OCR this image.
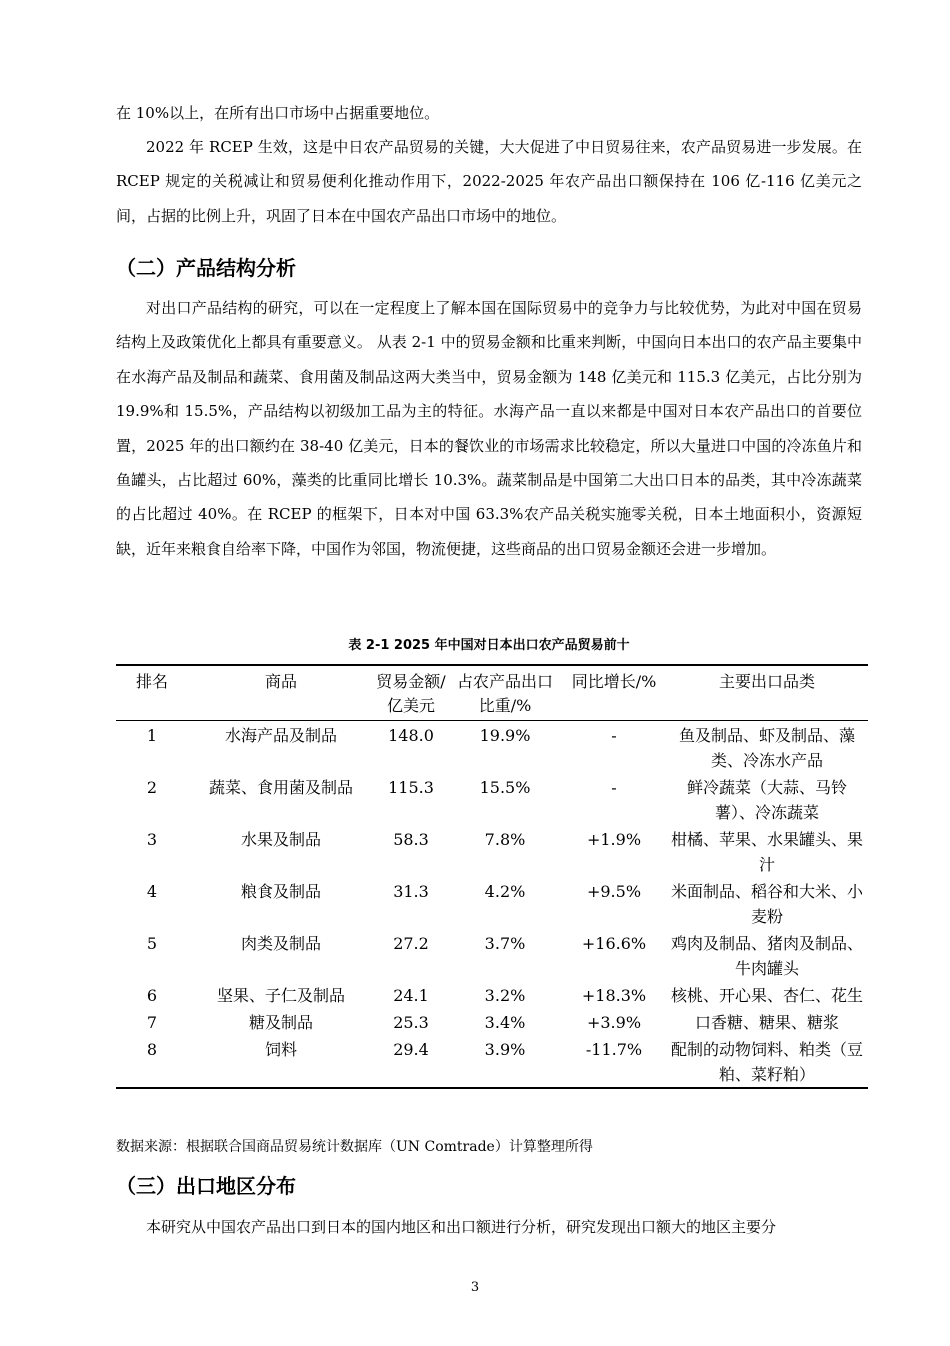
在 10%以上，在所有出口市场中占据重要地位。

2022 年 RCEP 生效，这是中日农产品贸易的关键，大大促进了中日贸易往来，农产品贸易进一步发展。在 RCEP 规定的关税减让和贸易便利化推动作用下，2022-2025 年农产品出口额保持在 106 亿-116 亿美元之间，占据的比例上升，巩固了日本在中国农产品出口市场中的地位。

（二）产品结构分析

对出口产品结构的研究，可以在一定程度上了解本国在国际贸易中的竞争力与比较优势，为此对中国在贸易结构上及政策优化上都具有重要意义。 从表 2-1 中的贸易金额和比重来判断，中国向日本出口的农产品主要集中在水海产品及制品和蔬菜、食用菌及制品这两大类当中，贸易金额为 148 亿美元和 115.3 亿美元，占比分别为 19.9%和 15.5%，产品结构以初级加工品为主的特征。水海产品一直以来都是中国对日本农产品出口的首要位置，2025 年的出口额约在 38-40 亿美元，日本的餐饮业的市场需求比较稳定，所以大量进口中国的冷冻鱼片和鱼罐头，占比超过 60%，藻类的比重同比增长 10.3%。蔬菜制品是中国第二大出口日本的品类，其中冷冻蔬菜的占比超过 40%。在 RCEP 的框架下，日本对中国 63.3%农产品关税实施零关税，日本土地面积小，资源短缺，近年来粮食自给率下降，中国作为邻国，物流便捷，这些商品的出口贸易金额还会进一步增加。

表 2-1 2025 年中国对日本出口农产品贸易前十

排名	商品	贸易金额/亿美元	占农产品出口比重/%	同比增长/%	主要出口品类
1	水海产品及制品	148.0	19.9%	-	鱼及制品、虾及制品、藻类、冷冻水产品
2	蔬菜、食用菌及制品	115.3	15.5%	-	鲜冷蔬菜（大蒜、马铃薯）、冷冻蔬菜
3	水果及制品	58.3	7.8%	+1.9%	柑橘、苹果、水果罐头、果汁
4	粮食及制品	31.3	4.2%	+9.5%	米面制品、稻谷和大米、小麦粉
5	肉类及制品	27.2	3.7%	+16.6%	鸡肉及制品、猪肉及制品、牛肉罐头
6	坚果、子仁及制品	24.1	3.2%	+18.3%	核桃、开心果、杏仁、花生
7	糖及制品	25.3	3.4%	+3.9%	口香糖、糖果、糖浆
8	饲料	29.4	3.9%	-11.7%	配制的动物饲料、粕类（豆粕、菜籽粕）

数据来源：根据联合国商品贸易统计数据库（UN Comtrade）计算整理所得

（三）出口地区分布

本研究从中国农产品出口到日本的国内地区和出口额进行分析，研究发现出口额大的地区主要分

3
